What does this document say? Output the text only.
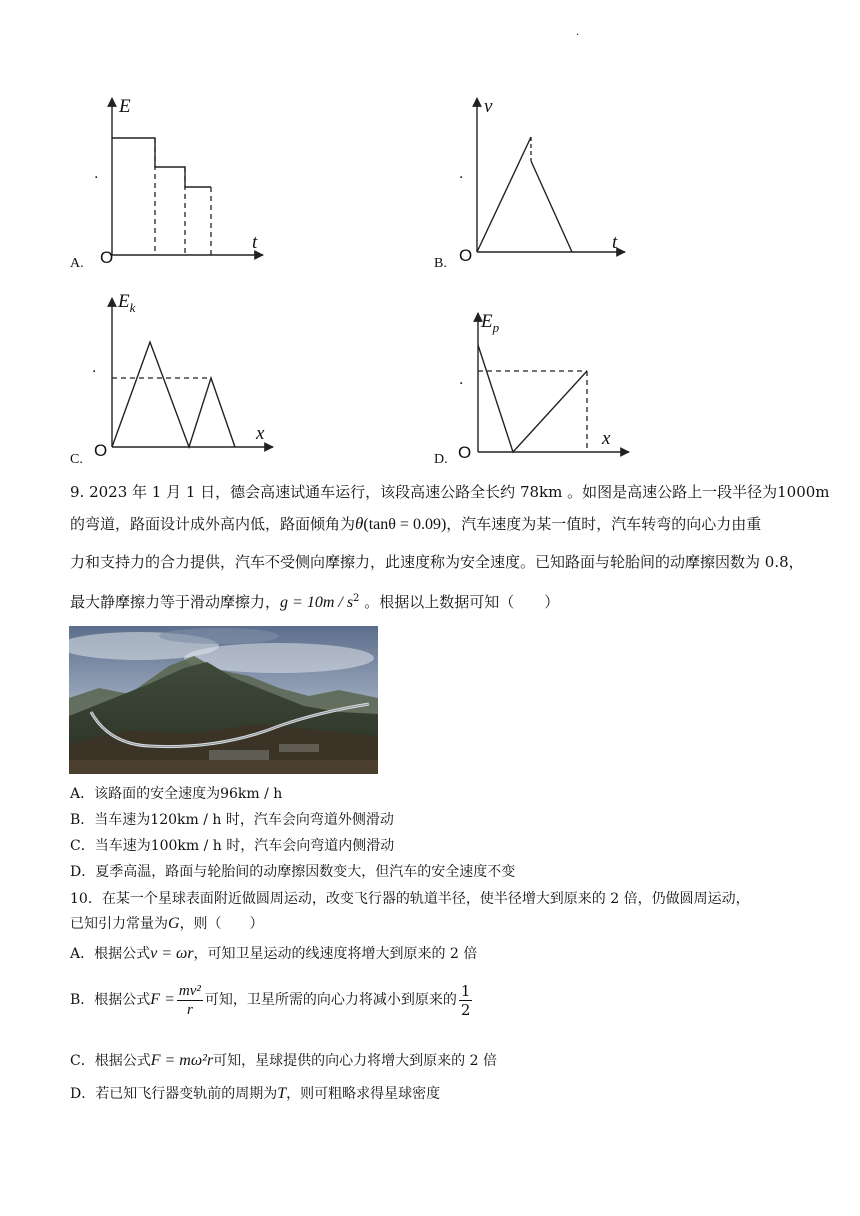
·
E
t
O
·
A.
v
t
O
·
B.
$E_k$
x
O
·
C.
$E_p$
x
O
·
D.
9. 2023 年 1 月 1 日，德会高速试通车运行，该段高速公路全长约 78km 。如图是高速公路上一段半径为1000m
的弯道，路面设计成外高内低，路面倾角为θ(tanθ = 0.09)，汽车速度为某一值时，汽车转弯的向心力由重
力和支持力的合力提供，汽车不受侧向摩擦力，此速度称为安全速度。已知路面与轮胎间的动摩擦因数为 0.8，
最大静摩擦力等于滑动摩擦力，$g = 10m / s^2$ 。根据以上数据可知（　　）
A．该路面的安全速度为96km / h
B．当车速为120km / h 时，汽车会向弯道外侧滑动
C．当车速为100km / h 时，汽车会向弯道内侧滑动
D．夏季高温，路面与轮胎间的动摩擦因数变大，但汽车的安全速度不变
10．在某一个星球表面附近做圆周运动，改变飞行器的轨道半径，使半径增大到原来的 2 倍，仍做圆周运动，
已知引力常量为G，则（　　）
A．根据公式v = ωr，可知卫星运动的线速度将增大到原来的 2 倍
B．根据公式$F = \frac{\text{mv²}}{r}$ 可知，卫星所需的向心力将减小到原来的 $\frac{1}{2}$
C．根据公式F = mω²r可知，星球提供的向心力将增大到原来的 2 倍
D．若已知飞行器变轨前的周期为T，则可粗略求得星球密度
